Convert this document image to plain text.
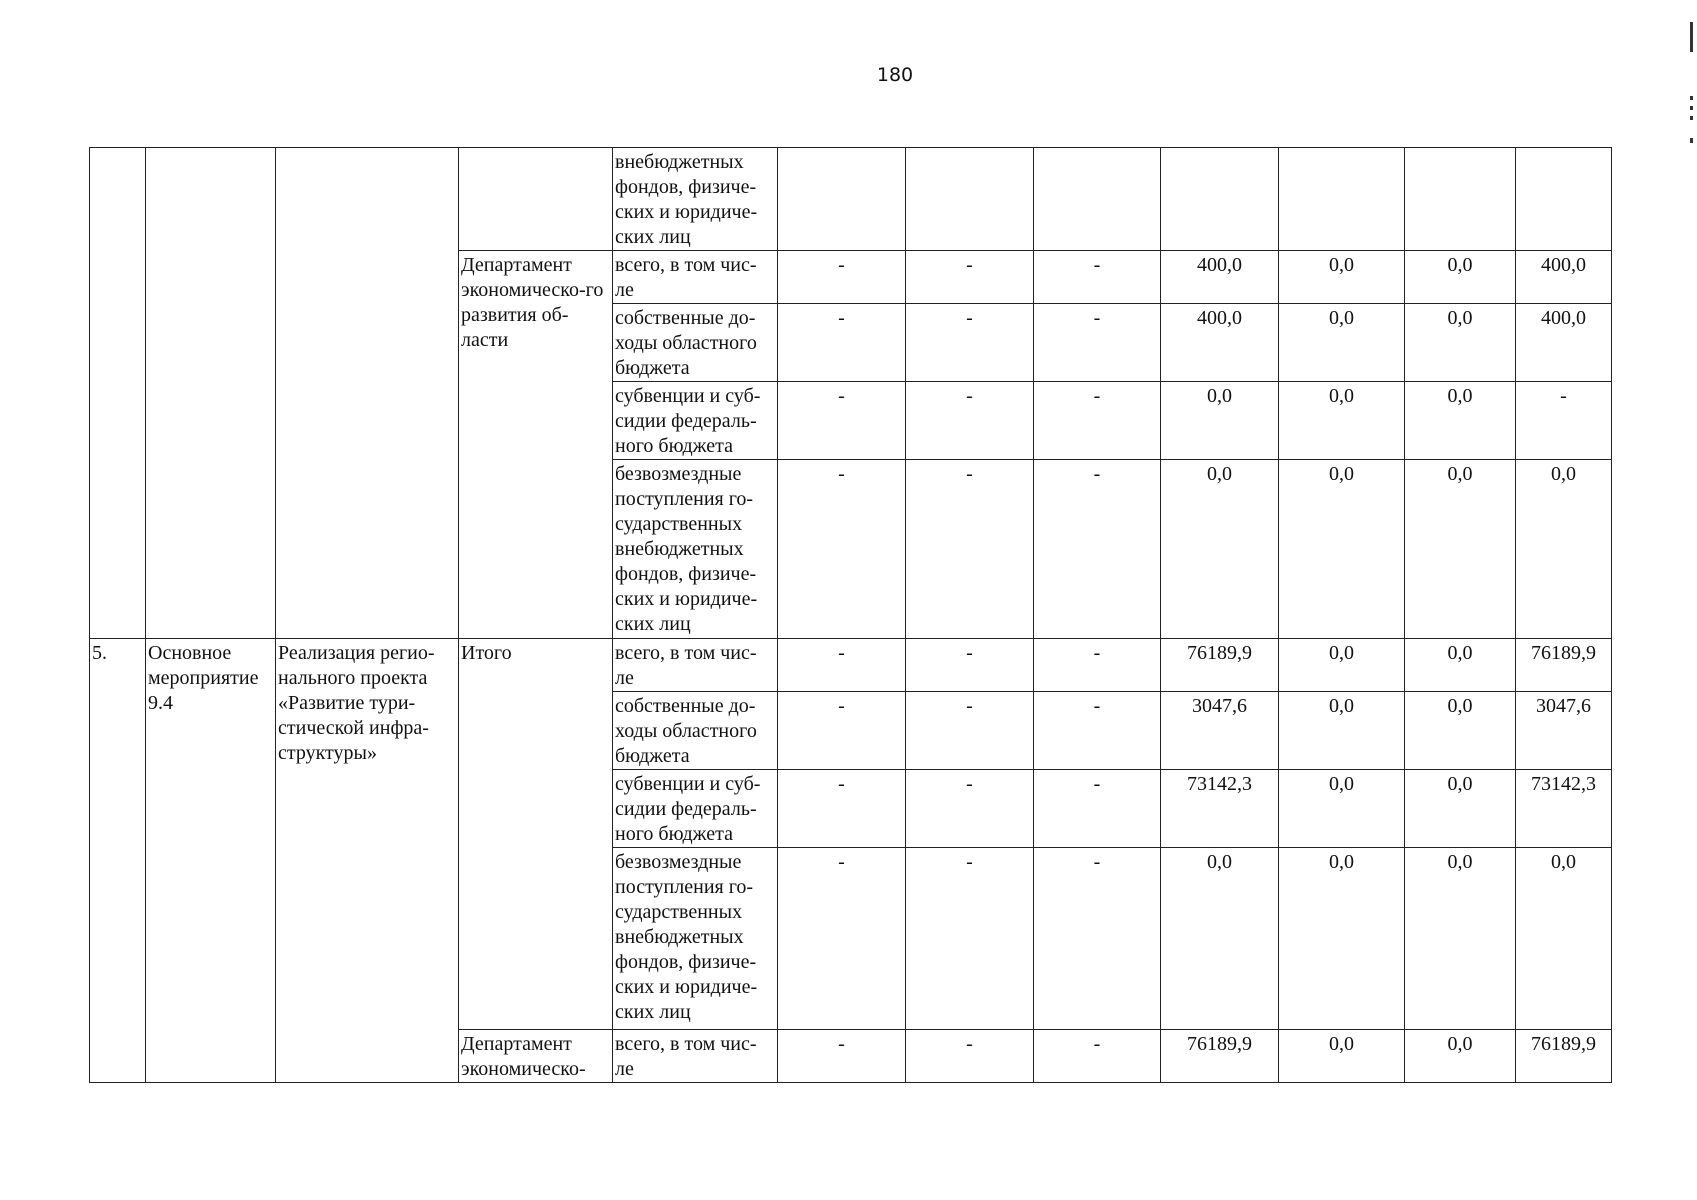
180
				внебюджетных фондов, физиче-ских и юридиче-ских лиц							
			Департамент экономическо-го развития об-ласти	всего, в том чис-ле	-	-	-	400,0	0,0	0,0	400,0
				собственные до-ходы областного бюджета	-	-	-	400,0	0,0	0,0	400,0
				субвенции и суб-сидии федераль-ного бюджета	-	-	-	0,0	0,0	0,0	-
				безвозмездные поступления го-сударственных внебюджетных фондов, физиче-ских и юридиче-ских лиц	-	-	-	0,0	0,0	0,0	0,0
5.	Основное мероприятие 9.4	Реализация регио-нального проекта «Развитие тури-стической инфра-структуры»	Итого	всего, в том чис-ле	-	-	-	76189,9	0,0	0,0	76189,9
				собственные до-ходы областного бюджета	-	-	-	3047,6	0,0	0,0	3047,6
				субвенции и суб-сидии федераль-ного бюджета	-	-	-	73142,3	0,0	0,0	73142,3
				безвозмездные поступления го-сударственных внебюджетных фондов, физиче-ских и юридиче-ских лиц	-	-	-	0,0	0,0	0,0	0,0
			Департамент экономическо-	всего, в том чис-ле	-	-	-	76189,9	0,0	0,0	76189,9
